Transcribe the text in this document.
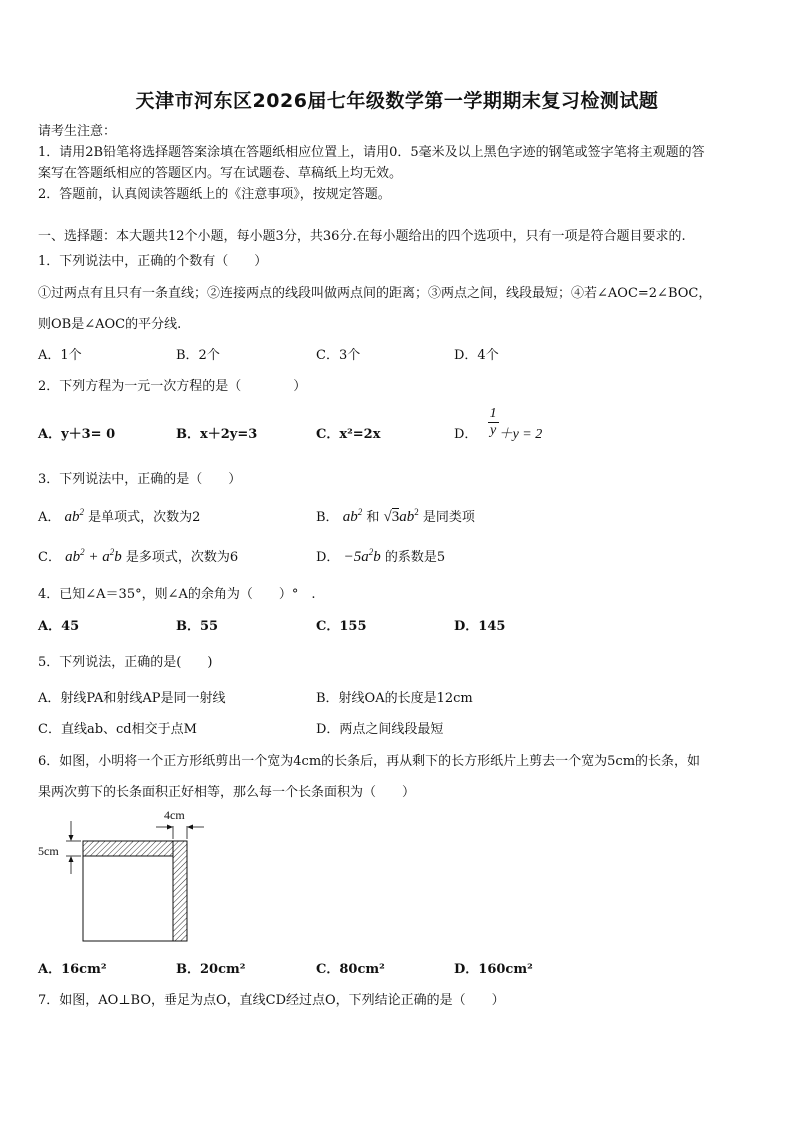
天津市河东区2026届七年级数学第一学期期末复习检测试题
请考生注意：
1．请用2B铅笔将选择题答案涂填在答题纸相应位置上，请用0．5毫米及以上黑色字迹的钢笔或签字笔将主观题的答
案写在答题纸相应的答题区内。写在试题卷、草稿纸上均无效。
2．答题前，认真阅读答题纸上的《注意事项》，按规定答题。
一、选择题：本大题共12个小题，每小题3分，共36分.在每小题给出的四个选项中，只有一项是符合题目要求的.
1．下列说法中，正确的个数有（　　）
①过两点有且只有一条直线；②连接两点的线段叫做两点间的距离；③两点之间，线段最短；④若∠AOC=2∠BOC，
则OB是∠AOC的平分线.
A．1个	B．2个	C．3个	D．4个
2．下列方程为一元一次方程的是（　　　　）
A．y＋3= 0	B．x＋2y=3	C．x²=2x	D． 1
y ＋y = 2
3．下列说法中，正确的是（　　）
A． $ab^2$ 是单项式，次数为2	B． $ab^2$ 和 $√3ab^2$ 是同类项
C． $ab^2 + a^2b$ 是多项式，次数为6	D． $-5a^2b$ 的系数是5
4．已知∠A＝35°，则∠A的余角为（　　）°　.
A．45	B．55	C．155	D．145
5．下列说法，正确的是(　　)
A．射线PA和射线AP是同一射线	B．射线OA的长度是12cm
C．直线ab、cd相交于点M	D．两点之间线段最短
6．如图，小明将一个正方形纸剪出一个宽为4cm的长条后，再从剩下的长方形纸片上剪去一个宽为5cm的长条，如
果两次剪下的长条面积正好相等，那么每一个长条面积为（　　）
4cm
5cm
A．16cm²	B．20cm²	C．80cm²	D．160cm²
7．如图，AO⊥BO，垂足为点O，直线CD经过点O，下列结论正确的是（　　）
